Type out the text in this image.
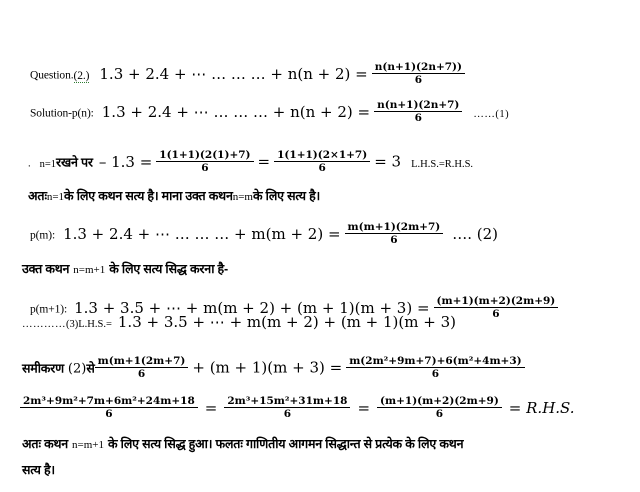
Question.(2.) 1.3 + 2.4 + ⋯ … … … + $n(n + 2) = \frac{n(n+1)(2n+7))}{6}$
Solution-p(n): 1.3 + 2.4 + ⋯ … … … + $n(n + 2) = \frac{n(n+1)(2n+7)}{6}$ ……(1)
. n=1रखने पर – $1.3 = \frac{1(1+1)(2(1)+7)}{6} = \frac{1(1+1)(2\times 1+7)}{6} = 3$ L.H.S.=R.H.S.
अतःn=1के लिए कथन सत्य है। माना उक्त कथनn=mके लिए सत्य है।
p(m): 1.3 + 2.4 + ⋯ … … … + $m(m + 2) = \frac{m(m+1)(2m+7)}{6}$ …. (2)
उक्त कथन n=m+1 के लिए सत्य सिद्ध करना है-
p(m+1): 1.3 + 3.5 + ⋯ + $m(m + 2) + (m + 1)(m + 3) = \frac{(m+1)(m+2)(2m+9)}{6}$
…………(3)L.H.S.= 1.3 + 3.5 + ⋯ + m(m + 2) + (m + 1)(m + 3)
समीकरण (2)से $\frac{m(m+1(2m+7)}{6} + (m + 1)(m + 3) = \frac{\text{m(2m²+9m+7)+6(m²+4m+3)}}{6}$
$\frac{\text{2m³+9m²+7m+6m²+24m+18}}{6} = \frac{\text{2m³+15m²+31m+18}}{6} = \frac{(m+1)(m+2)(2m+9)}{6} = R.H.S$.
अतः कथन n=m+1 के लिए सत्य सिद्ध हुआ। फलतः गाणितीय आगमन सिद्धान्त से प्रत्येक के लिए कथन
सत्य है।
